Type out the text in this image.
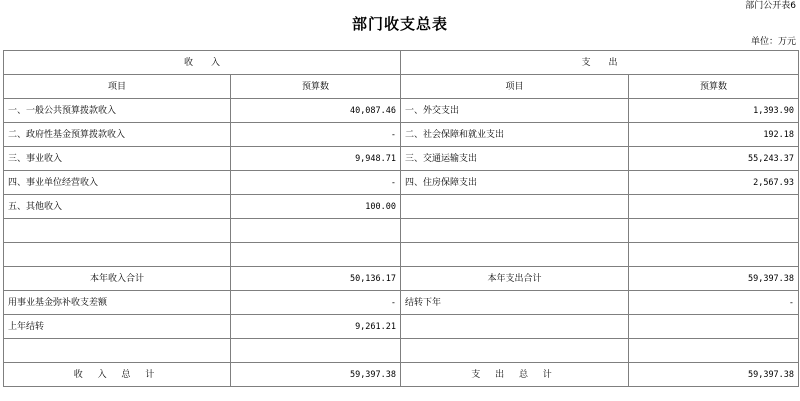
部门公开表6
部门收支总表
单位：万元
收　　入		支　　出	
项目	预算数	项目	预算数
一、一般公共预算拨款收入	40,087.46	一、外交支出	1,393.90
二、政府性基金预算拨款收入	-	二、社会保障和就业支出	192.18
三、事业收入	9,948.71	三、交通运输支出	55,243.37
四、事业单位经营收入	-	四、住房保障支出	2,567.93
五、其他收入	100.00		

本年收入合计	50,136.17	本年支出合计	59,397.38
用事业基金弥补收支差额	-	结转下年	-
上年结转	9,261.21		

收 入 总 计	59,397.38	支 出 总 计	59,397.38
